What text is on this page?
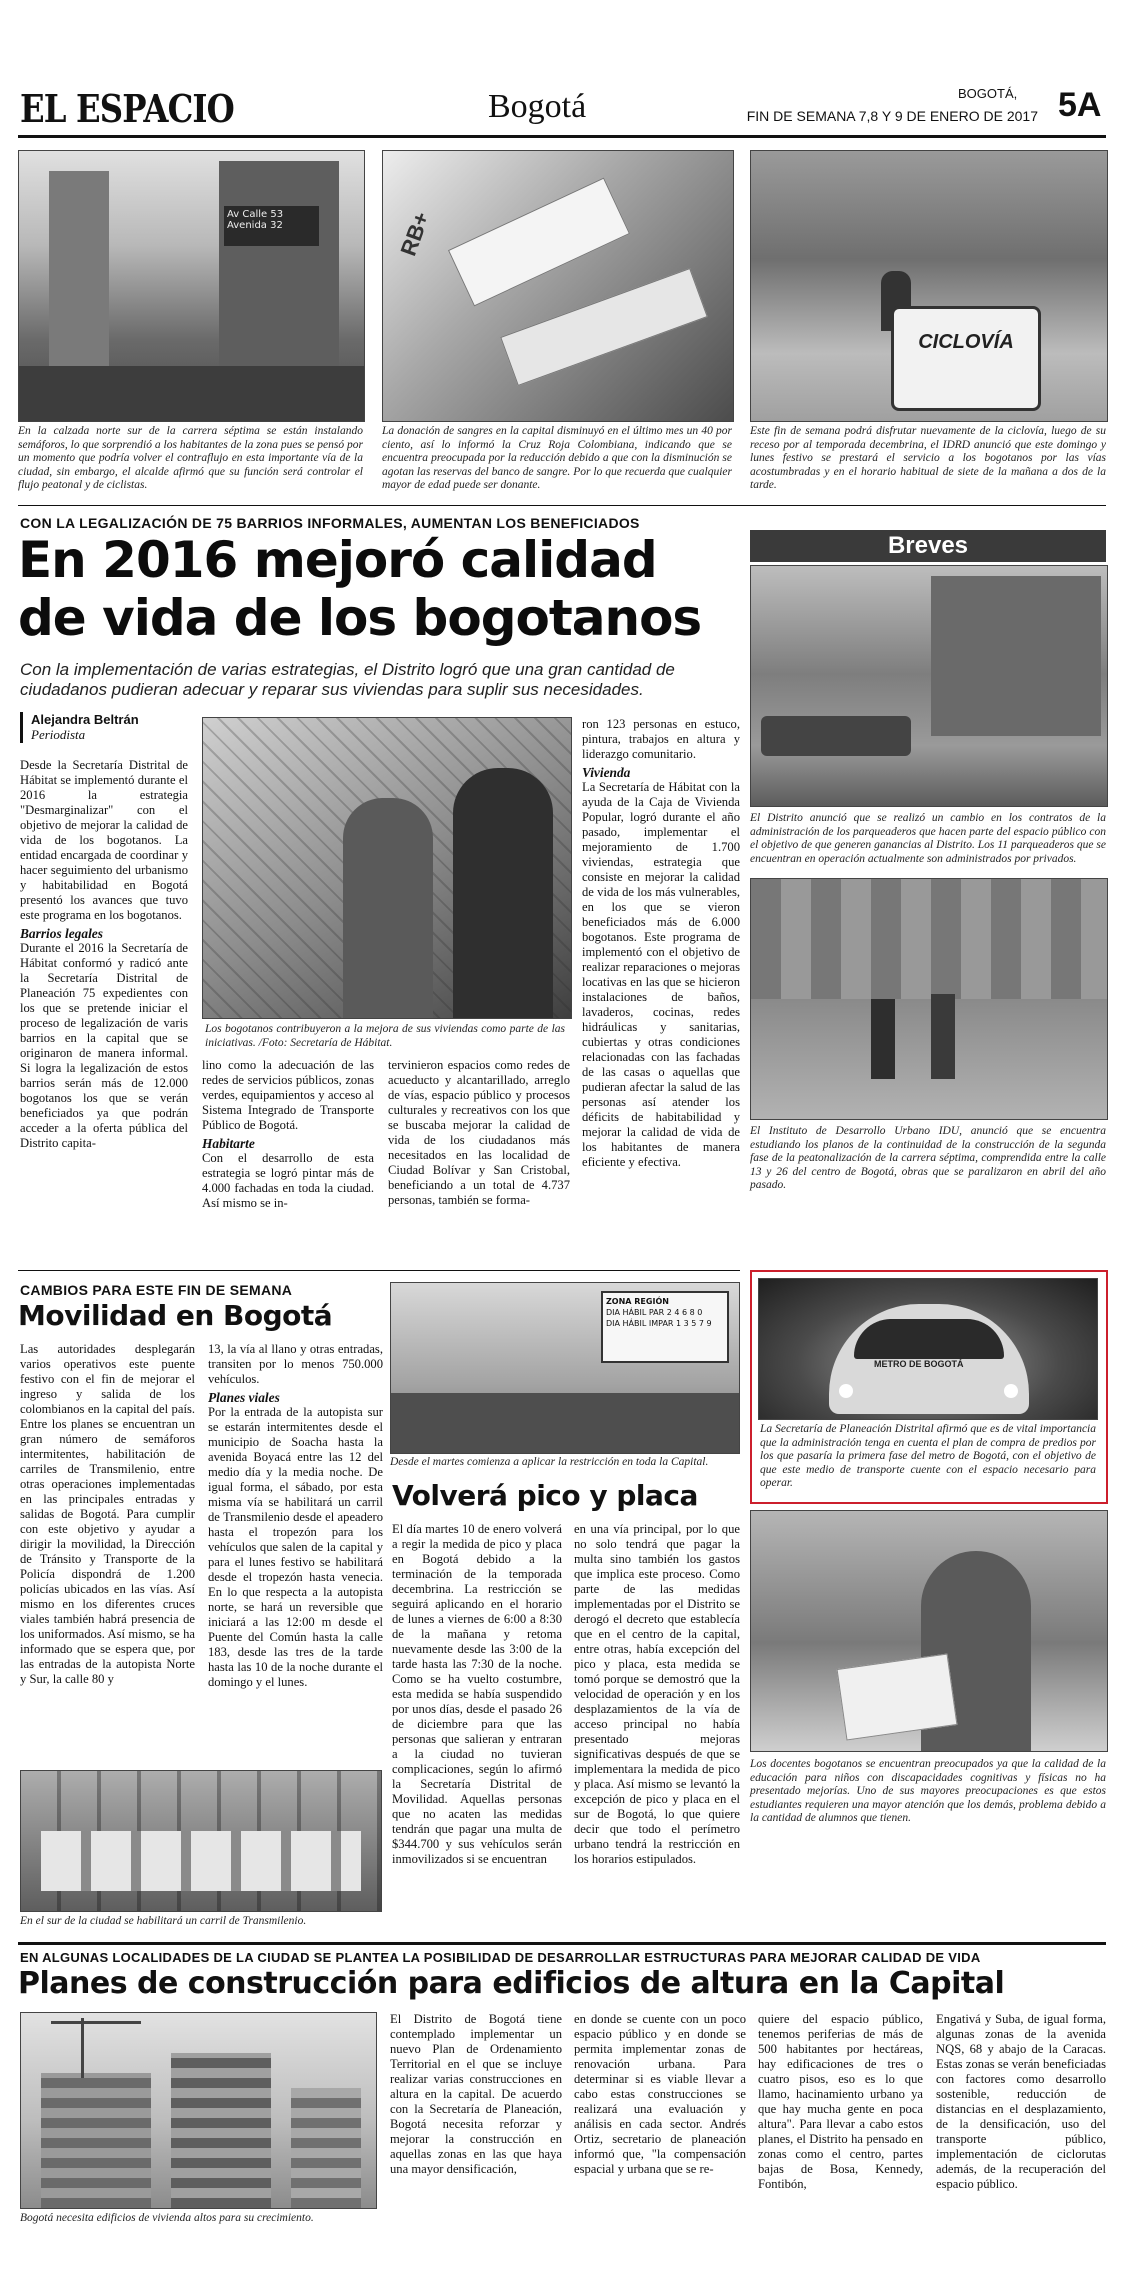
EL ESPACIO	Bogotá	BOGOTÁ,
FIN DE SEMANA 7,8 Y 9 DE ENERO DE 2017 5A
Av Calle 53
Avenida 32
En la calzada norte sur de la carrera séptima se están instalando semáforos, lo que sorprendió a los habitantes de la zona pues se pensó por un momento que podría volver el contraflujo en esta importante vía de la ciudad, sin embargo, el alcalde afirmó que su función será controlar el flujo peatonal y de ciclistas.
RB+
La donación de sangres en la capital disminuyó en el último mes un 40 por ciento, así lo informó la Cruz Roja Colombiana, indicando que se encuentra preocupada por la reducción debido a que con la disminución se agotan las reservas del banco de sangre. Por lo que recuerda que cualquier mayor de edad puede ser donante.
CICLOVÍA
Este fin de semana podrá disfrutar nuevamente de la ciclovía, luego de su receso por al temporada decembrina, el IDRD anunció que este domingo y lunes festivo se prestará el servicio a los bogotanos por las vías acostumbradas y en el horario habitual de siete de la mañana a dos de la tarde.
CON LA LEGALIZACIÓN DE 75 BARRIOS INFORMALES, AUMENTAN LOS BENEFICIADOS
En 2016 mejoró calidad
de vida de los bogotanos
Con la implementación de varias estrategias, el Distrito logró que una gran cantidad de ciudadanos pudieran adecuar y reparar sus viviendas para suplir sus necesidades.
Alejandra Beltrán
Periodista
Desde la Secretaría Distrital de Hábitat se implementó durante el 2016 la estrategia "Desmarginalizar" con el objetivo de mejorar la calidad de vida de los bogotanos. La entidad encargada de coordinar y hacer seguimiento del urbanismo y habitabilidad en Bogotá presentó los avances que tuvo este programa en los bogotanos.
Barrios legales
Durante el 2016 la Secretaría de Hábitat conformó y radicó ante la Secretaría Distrital de Planeación 75 expedientes con los que se pretende iniciar el proceso de legalización de varis barrios en la capital que se originaron de manera informal. Si logra la legalización de estos barrios serán más de 12.000 bogotanos los que se verán beneficiados ya que podrán acceder a la oferta pública del Distrito capita-
Los bogotanos contribuyeron a la mejora de sus viviendas como parte de las iniciativas. /Foto: Secretaría de Hábitat.
lino como la adecuación de las redes de servicios públicos, zonas verdes, equipamientos y acceso al Sistema Integrado de Transporte Público de Bogotá.
Habitarte
Con el desarrollo de esta estrategia se logró pintar más de 4.000 fachadas en toda la ciudad. Así mismo se in-
tervinieron espacios como redes de acueducto y alcantarillado, arreglo de vías, espacio público y procesos culturales y recreativos con los que se buscaba mejorar la calidad de vida de los ciudadanos más necesitados en las localidad de Ciudad Bolívar y San Cristobal, beneficiando a un total de 4.737 personas, también se forma-
ron 123 personas en estuco, pintura, trabajos en altura y liderazgo comunitario.
Vivienda
La Secretaría de Hábitat con la ayuda de la Caja de Vivienda Popular, logró durante el año pasado, implementar el mejoramiento de 1.700 viviendas, estrategia que consiste en mejorar la calidad de vida de los más vulnerables, en los que se vieron beneficiados más de 6.000 bogotanos. Este programa de implementó con el objetivo de realizar reparaciones o mejoras locativas en las que se hicieron instalaciones de baños, lavaderos, cocinas, redes hidráulicas y sanitarias, cubiertas y otras condiciones relacionadas con las fachadas de las casas o aquellas que pudieran afectar la salud de las personas así atender los déficits de habitabilidad y mejorar la calidad de vida de los habitantes de manera eficiente y efectiva.
Breves
El Distrito anunció que se realizó un cambio en los contratos de la administración de los parqueaderos que hacen parte del espacio público con el objetivo de que generen ganancias al Distrito. Los 11 parqueaderos que se encuentran en operación actualmente son administrados por privados.
El Instituto de Desarrollo Urbano IDU, anunció que se encuentra estudiando los planos de la continuidad de la construcción de la segunda fase de la peatonalización de la carrera séptima, comprendida entre la calle 13 y 26 del centro de Bogotá, obras que se paralizaron en abril del año pasado.
METRO DE BOGOTÁ
La Secretaría de Planeación Distrital afirmó que es de vital importancia que la administración tenga en cuenta el plan de compra de predios por los que pasaría la primera fase del metro de Bogotá, con el objetivo de que este medio de transporte cuente con el espacio necesario para operar.
Los docentes bogotanos se encuentran preocupados ya que la calidad de la educación para niños con discapacidades cognitivas y físicas no ha presentado mejorías. Uno de sus mayores preocupaciones es que estos estudiantes requieren una mayor atención que los demás, problema debido a la cantidad de alumnos que tienen.
CAMBIOS PARA ESTE FIN DE SEMANA
Movilidad en Bogotá
Las autoridades desplegarán varios operativos este puente festivo con el fin de mejorar el ingreso y salida de los colombianos en la capital del país. Entre los planes se encuentran un gran número de semáforos intermitentes, habilitación de carriles de Transmilenio, entre otras operaciones implementadas en las principales entradas y salidas de Bogotá. Para cumplir con este objetivo y ayudar a dirigir la movilidad, la Dirección de Tránsito y Transporte de la Policía dispondrá de 1.200 policías ubicados en las vías. Así mismo en los diferentes cruces viales también habrá presencia de los uniformados. Así mismo, se ha informado que se espera que, por las entradas de la autopista Norte y Sur, la calle 80 y
13, la vía al llano y otras entradas, transiten por lo menos 750.000 vehículos.
Planes viales
Por la entrada de la autopista sur se estarán intermitentes desde el municipio de Soacha hasta la avenida Boyacá entre las 12 del medio día y la media noche. De igual forma, el sábado, por esta misma vía se habilitará un carril de Transmilenio desde el apeadero hasta el tropezón para los vehículos que salen de la capital y para el lunes festivo se habilitará desde el tropezón hasta venecia. En lo que respecta a la autopista norte, se hará un reversible que iniciará a las 12:00 m desde el Puente del Común hasta la calle 183, desde las tres de la tarde hasta las 10 de la noche durante el domingo y el lunes.
ZONA REGIÓN
DIA HÁBIL PAR 2 4 6 8 0
DIA HÁBIL IMPAR 1 3 5 7 9
Desde el martes comienza a aplicar la restricción en toda la Capital.
En el sur de la ciudad se habilitará un carril de Transmilenio.
Volverá pico y placa
El día martes 10 de enero volverá a regir la medida de pico y placa en Bogotá debido a la terminación de la temporada decembrina. La restricción se seguirá aplicando en el horario de lunes a viernes de 6:00 a 8:30 de la mañana y retoma nuevamente desde las 3:00 de la tarde hasta las 7:30 de la noche. Como se ha vuelto costumbre, esta medida se había suspendido por unos días, desde el pasado 26 de diciembre para que las personas que salieran y entraran a la ciudad no tuvieran complicaciones, según lo afirmó la Secretaría Distrital de Movilidad. Aquellas personas que no acaten las medidas tendrán que pagar una multa de $344.700 y sus vehículos serán inmovilizados si se encuentran
en una vía principal, por lo que no solo tendrá que pagar la multa sino también los gastos que implica este proceso. Como parte de las medidas implementadas por el Distrito se derogó el decreto que establecía que en el centro de la capital, entre otras, había excepción del pico y placa, esta medida se tomó porque se demostró que la velocidad de operación y en los desplazamientos de la vía de acceso principal no había presentado mejoras significativas después de que se implementara la medida de pico y placa. Así mismo se levantó la excepción de pico y placa en el sur de Bogotá, lo que quiere decir que todo el perímetro urbano tendrá la restricción en los horarios estipulados.
EN ALGUNAS LOCALIDADES DE LA CIUDAD SE PLANTEA LA POSIBILIDAD DE DESARROLLAR ESTRUCTURAS PARA MEJORAR CALIDAD DE VIDA
Planes de construcción para edificios de altura en la Capital
Bogotá necesita edificios de vivienda altos para su crecimiento.
El Distrito de Bogotá tiene contemplado implementar un nuevo Plan de Ordenamiento Territorial en el que se incluye realizar varias construcciones en altura en la capital. De acuerdo con la Secretaría de Planeación, Bogotá necesita reforzar y mejorar la construcción en aquellas zonas en las que haya una mayor densificación,
en donde se cuente con un poco espacio público y en donde se permita implementar zonas de renovación urbana. Para determinar si es viable llevar a cabo estas construcciones se realizará una evaluación y análisis en cada sector. Andrés Ortiz, secretario de planeación informó que, "la compensación espacial y urbana que se re-
quiere del espacio público, tenemos periferias de más de 500 habitantes por hectáreas, hay edificaciones de tres o cuatro pisos, eso es lo que llamo, hacinamiento urbano ya que hay mucha gente en poca altura". Para llevar a cabo estos planes, el Distrito ha pensado en zonas como el centro, partes bajas de Bosa, Kennedy, Fontibón,
Engativá y Suba, de igual forma, algunas zonas de la avenida NQS, 68 y abajo de la Caracas. Estas zonas se verán beneficiadas con factores como desarrollo sostenible, reducción de distancias en el desplazamiento, de la densificación, uso del transporte público, implementación de ciclorutas además, de la recuperación del espacio público.
